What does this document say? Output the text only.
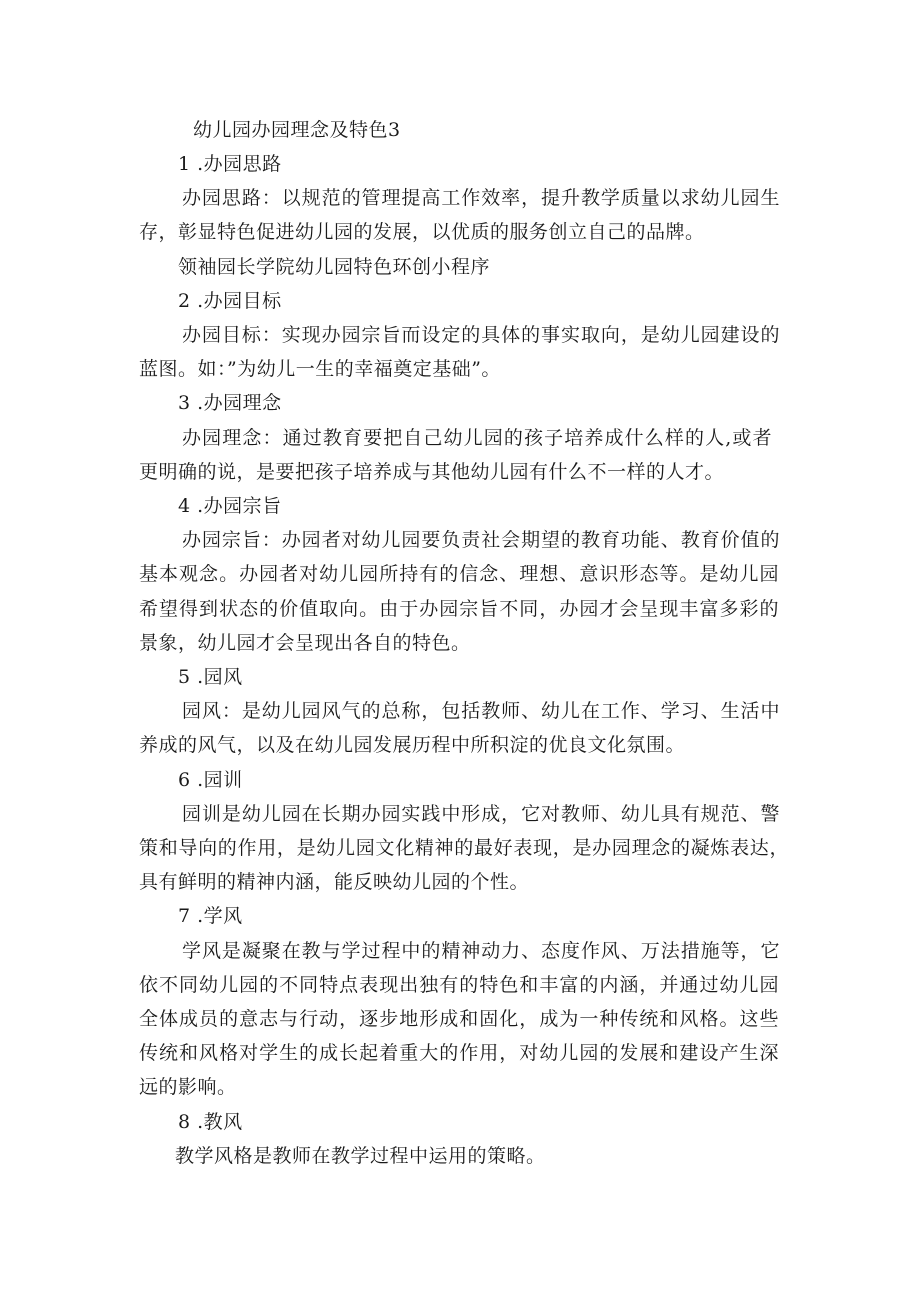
幼儿园办园理念及特色3
1 .办园思路
办园思路：以规范的管理提高工作效率，提升教学质量以求幼儿园生
存，彰显特色促进幼儿园的发展，以优质的服务创立自己的品牌。
领袖园长学院幼儿园特色环创小程序
2 .办园目标
办园目标：实现办园宗旨而设定的具体的事实取向，是幼儿园建设的
蓝图。如：”为幼儿一生的幸福奠定基础”。
3 .办园理念
办园理念：通过教育要把自己幼儿园的孩子培养成什么样的人,或者
更明确的说，是要把孩子培养成与其他幼儿园有什么不一样的人才。
4 .办园宗旨
办园宗旨：办园者对幼儿园要负责社会期望的教育功能、教育价值的
基本观念。办园者对幼儿园所持有的信念、理想、意识形态等。是幼儿园
希望得到状态的价值取向。由于办园宗旨不同，办园才会呈现丰富多彩的
景象，幼儿园才会呈现出各自的特色。
5 .园风
园风：是幼儿园风气的总称，包括教师、幼儿在工作、学习、生活中
养成的风气，以及在幼儿园发展历程中所积淀的优良文化氛围。
6 .园训
园训是幼儿园在长期办园实践中形成，它对教师、幼儿具有规范、警
策和导向的作用，是幼儿园文化精神的最好表现，是办园理念的凝炼表达，
具有鲜明的精神内涵，能反映幼儿园的个性。
7 .学风
学风是凝聚在教与学过程中的精神动力、态度作风、万法措施等，它
依不同幼儿园的不同特点表现出独有的特色和丰富的内涵，并通过幼儿园
全体成员的意志与行动，逐步地形成和固化，成为一种传统和风格。这些
传统和风格对学生的成长起着重大的作用，对幼儿园的发展和建设产生深
远的影响。
8 .教风
教学风格是教师在教学过程中运用的策略。
